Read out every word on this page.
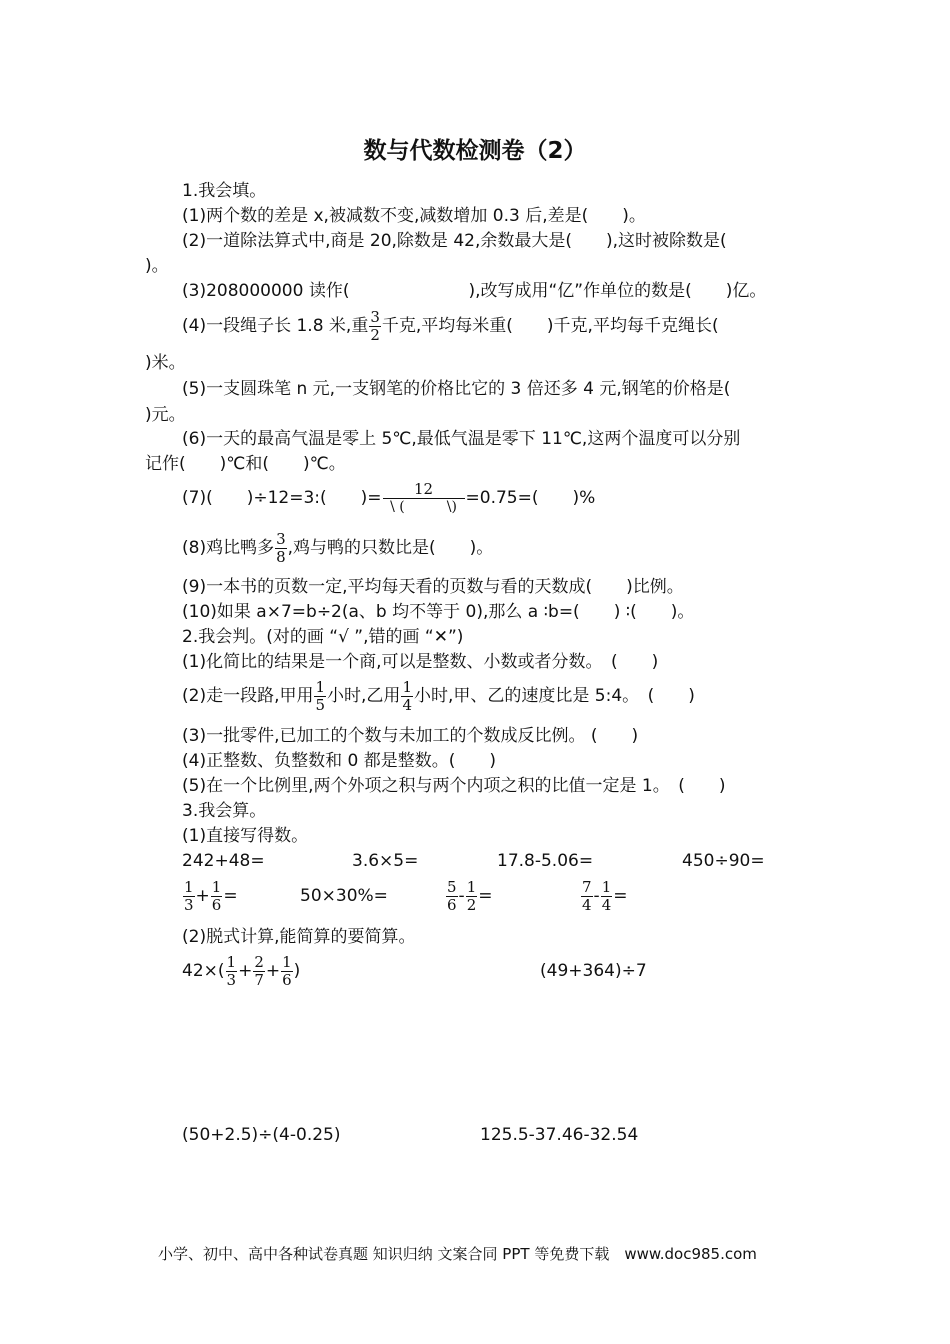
数与代数检测卷（2）
1.我会填。
(1)两个数的差是 x,被减数不变,减数增加 0.3 后,差是(　　)。
(2)一道除法算式中,商是 20,除数是 42,余数最大是(　　),这时被除数是(
)。
(3)208000000 读作(　　　　　　　),改写成用“亿”作单位的数是(　　)亿。
(4)一段绳子长 1.8 米,重 $\frac{3}{2}$ 千克,平均每米重(　　)千克,平均每千克绳长(
)米。
(5)一支圆珠笔 n 元,一支钢笔的价格比它的 3 倍还多 4 元,钢笔的价格是(
)元。
(6)一天的最高气温是零上 5℃,最低气温是零下 11℃,这两个温度可以分别
记作(　　)℃和(　　)℃。
(7)(　　)÷12=3:(　　)= $\frac{12}{\backslash ( \backslash)} =0.75=$(　　)%
(8)鸡比鸭多 $\frac{3}{8}$ ,鸡与鸭的只数比是(　　)。
(9)一本书的页数一定,平均每天看的页数与看的天数成(　　)比例。
(10)如果 a×7=b÷2(a、b 均不等于 0),那么 a ∶b=(　　) ∶(　　)。
2.我会判。(对的画 “√ ”,错的画 “✕”)
(1)化简比的结果是一个商,可以是整数、小数或者分数。　(　　)
(2)走一段路,甲用 $\frac{1}{5}$ 小时,乙用 $\frac{1}{4}$ 小时,甲、乙的速度比是 5:4。　(　　)
(3)一批零件,已加工的个数与未加工的个数成反比例。 (　　)
(4)正整数、负整数和 0 都是整数。(　　)
(5)在一个比例里,两个外项之积与两个内项之积的比值一定是 1。　(　　)
3.我会算。
(1)直接写得数。
242+48=	3.6×5=	17.8-5.06=	450÷90=
$\frac{1}{3} + \frac{1}{6}$ =	50×30%=	$\frac{5}{6} - \frac{1}{2}$ =	$\frac{7}{4} - \frac{1}{4}$ =
(2)脱式计算,能简算的要简算。
$42\times( \frac{1}{3} + \frac{2}{7} + \frac{1}{6}$ )	(49+364)÷7
(50+2.5)÷(4-0.25)	125.5-37.46-32.54
小学、初中、高中各种试卷真题 知识归纳 文案合同 PPT 等免费下载　www.doc985.com
